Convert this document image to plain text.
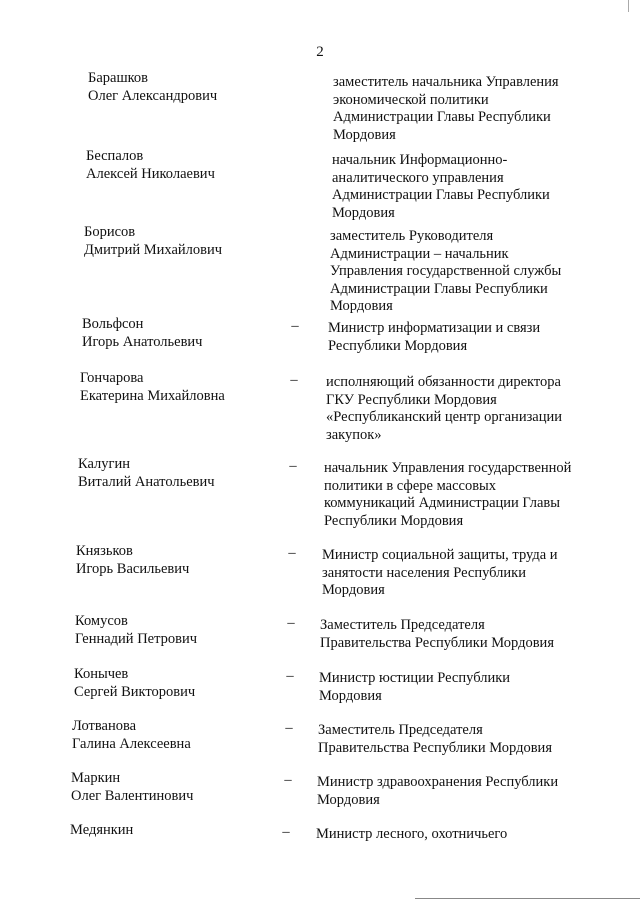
2
Барашков
Олег Александрович
заместитель начальника Управления
экономической политики
Администрации Главы Республики
Мордовия
Беспалов
Алексей Николаевич
начальник Информационно-
аналитического управления
Администрации Главы Республики
Мордовия
Борисов
Дмитрий Михайлович
заместитель Руководителя
Администрации – начальник
Управления государственной службы
Администрации Главы Республики
Мордовия
Вольфсон
Игорь Анатольевич
– Министр информатизации и связи
Республики Мордовия
Гончарова
Екатерина Михайловна
– исполняющий обязанности директора
ГКУ Республики Мордовия
«Республиканский центр организации
закупок»
Калугин
Виталий Анатольевич
– начальник Управления государственной
политики в сфере массовых
коммуникаций Администрации Главы
Республики Мордовия
Князьков
Игорь Васильевич
– Министр социальной защиты, труда и
занятости населения Республики
Мордовия
Комусов
Геннадий Петрович
– Заместитель Председателя
Правительства Республики Мордовия
Конычев
Сергей Викторович
– Министр юстиции Республики
Мордовия
Лотванова
Галина Алексеевна
– Заместитель Председателя
Правительства Республики Мордовия
Маркин
Олег Валентинович
– Министр здравоохранения Республики
Мордовия
Медянкин	– Министр лесного, охотничьего
